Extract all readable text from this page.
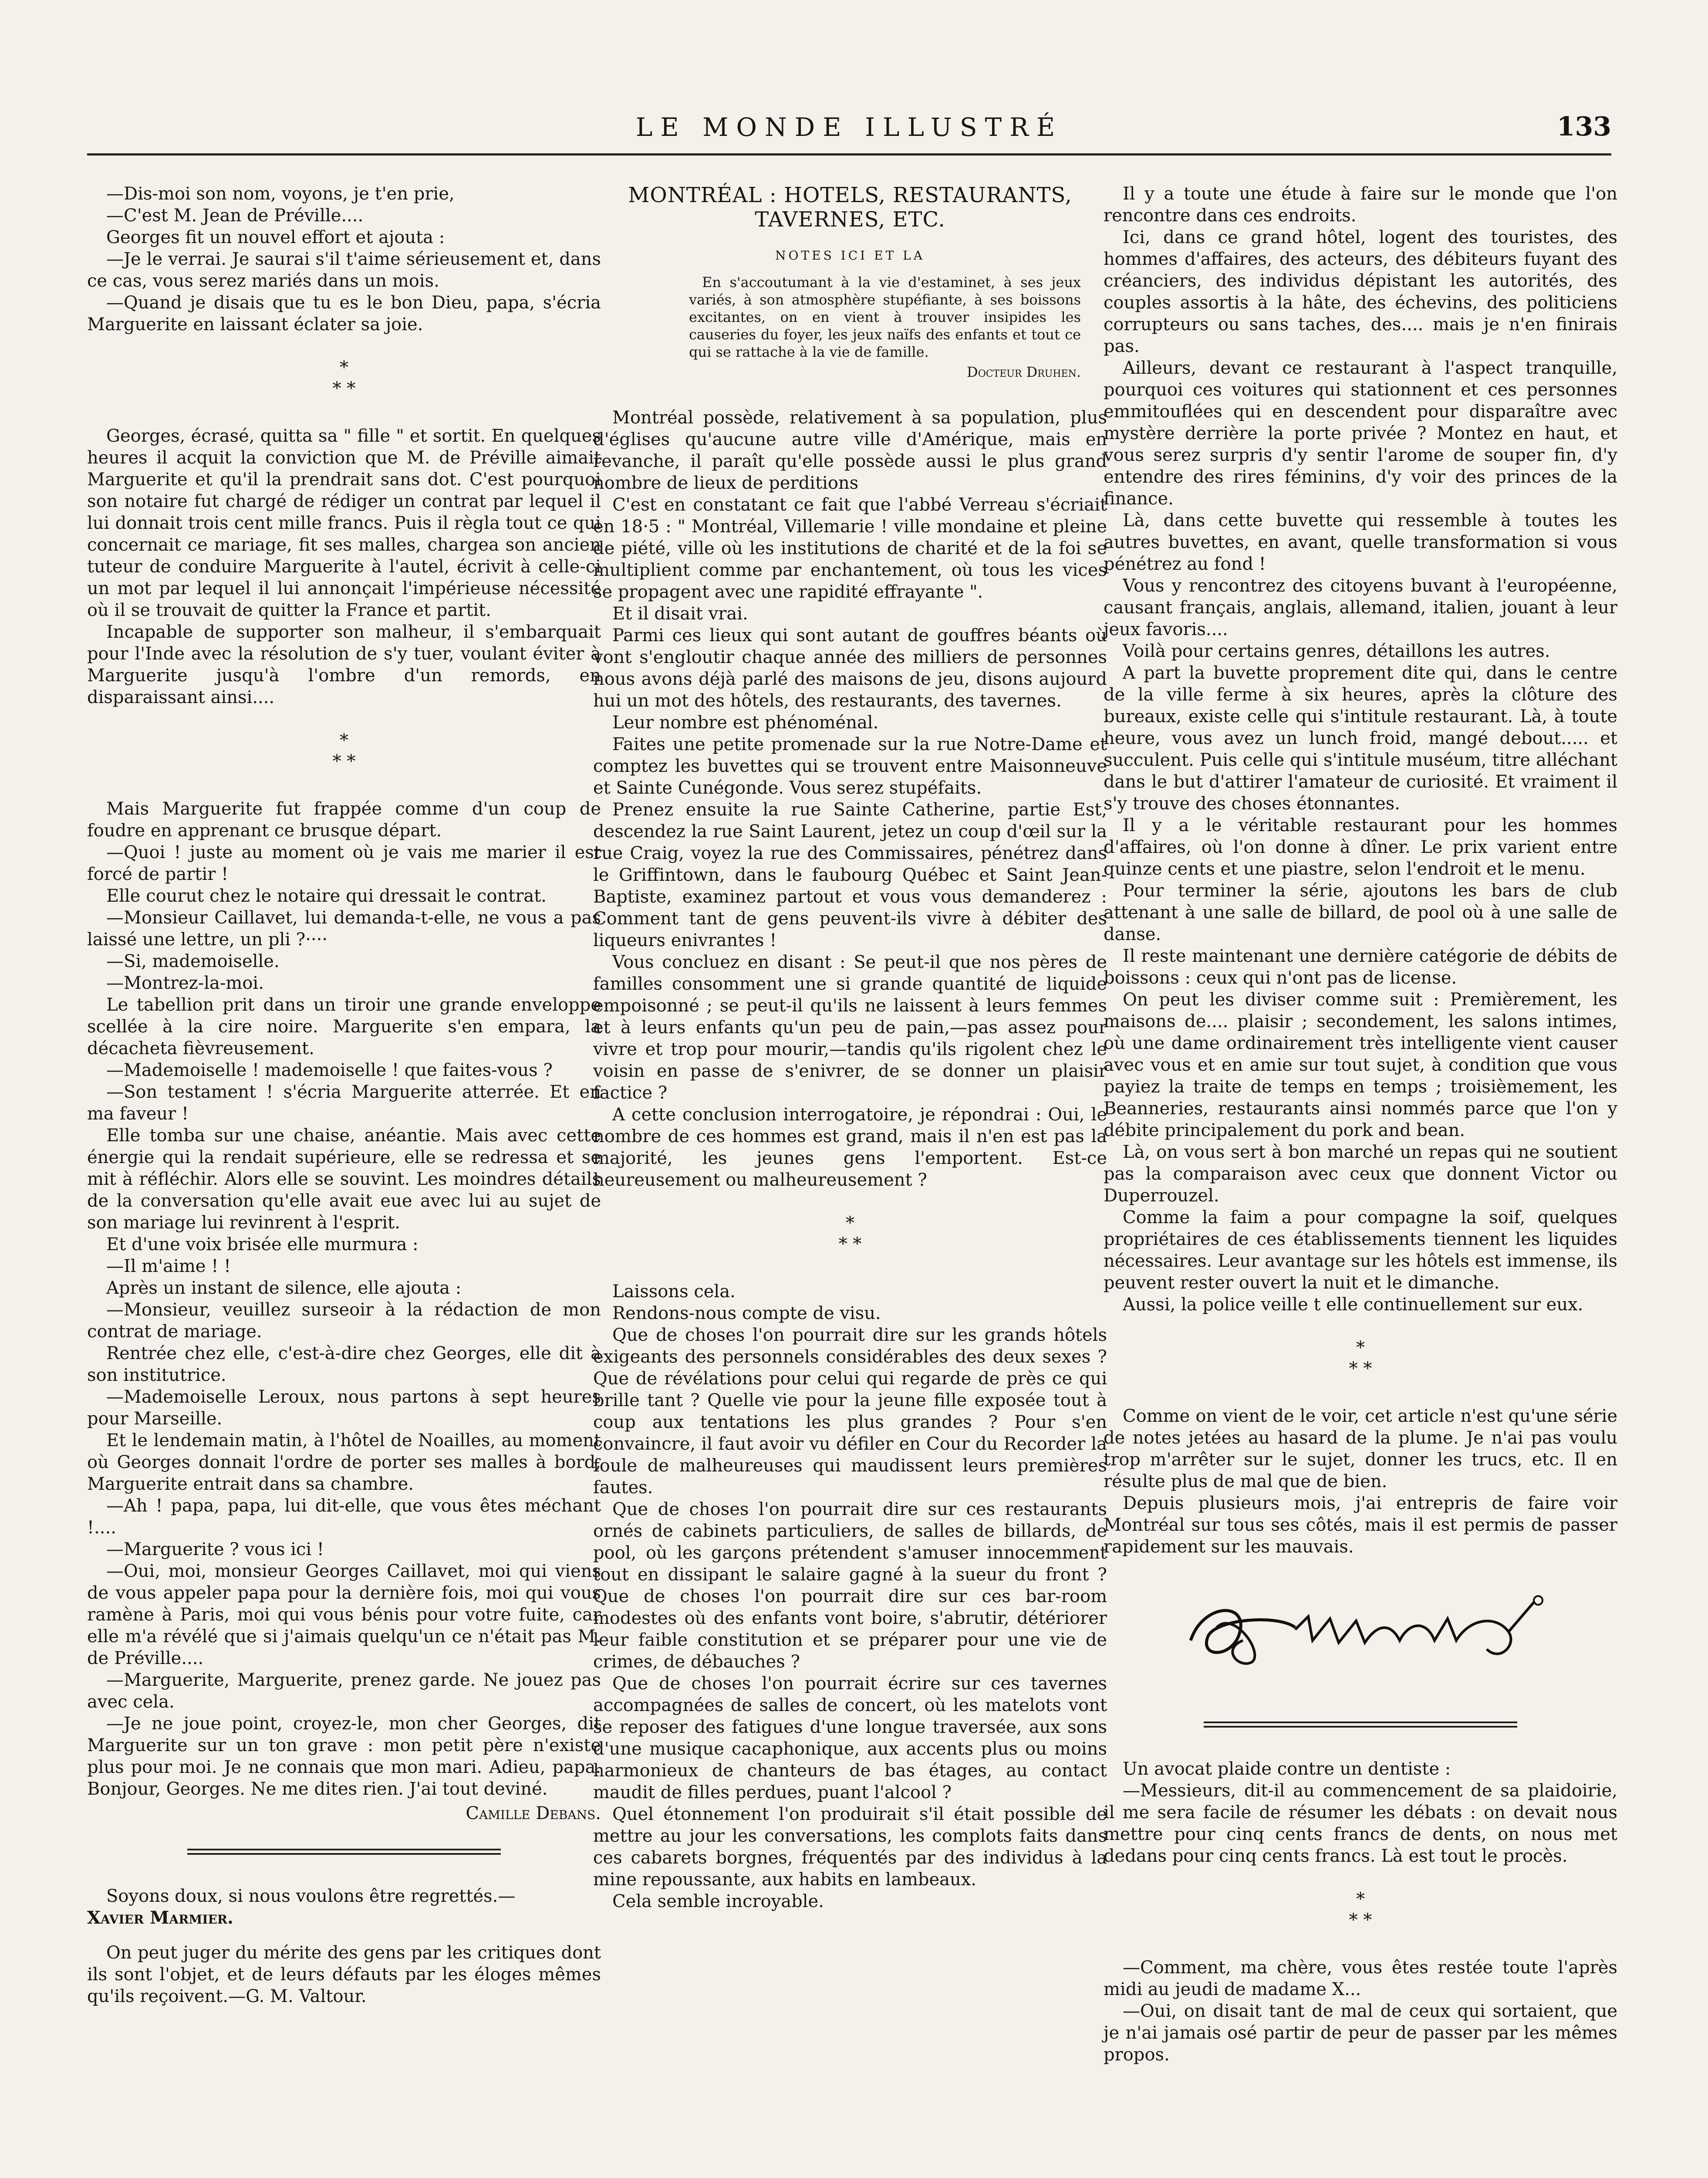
LE MONDE ILLUSTRÉ	133

—Dis-moi son nom, voyons, je t'en prie,

—C'est M. Jean de Préville....

Georges fit un nouvel effort et ajouta :

—Je le verrai. Je saurai s'il t'aime sérieusement et, dans ce cas, vous serez mariés dans un mois.

—Quand je disais que tu es le bon Dieu, papa, s'écria Marguerite en laissant éclater sa joie.

*
* *

Georges, écrasé, quitta sa " fille " et sortit. En quelques heures il acquit la conviction que M. de Préville aimait Marguerite et qu'il la prendrait sans dot. C'est pourquoi son notaire fut chargé de rédiger un contrat par lequel il lui donnait trois cent mille francs. Puis il règla tout ce qui concernait ce mariage, fit ses malles, chargea son ancien tuteur de conduire Marguerite à l'autel, écrivit à celle-ci un mot par lequel il lui annonçait l'impérieuse nécessité où il se trouvait de quitter la France et partit.

Incapable de supporter son malheur, il s'embarquait pour l'Inde avec la résolution de s'y tuer, voulant éviter à Marguerite jusqu'à l'ombre d'un remords, en disparaissant ainsi....

*
* *

Mais Marguerite fut frappée comme d'un coup de foudre en apprenant ce brusque départ.

—Quoi ! juste au moment où je vais me marier il est forcé de partir !

Elle courut chez le notaire qui dressait le contrat.

—Monsieur Caillavet, lui demanda-t-elle, ne vous a pas laissé une lettre, un pli ?····

—Si, mademoiselle.

—Montrez-la-moi.

Le tabellion prit dans un tiroir une grande enveloppe scellée à la cire noire. Marguerite s'en empara, la décacheta fièvreusement.

—Mademoiselle ! mademoiselle ! que faites-vous ?

—Son testament ! s'écria Marguerite atterrée. Et en ma faveur !

Elle tomba sur une chaise, anéantie. Mais avec cette énergie qui la rendait supérieure, elle se redressa et se mit à réfléchir. Alors elle se souvint. Les moindres détails de la conversation qu'elle avait eue avec lui au sujet de son mariage lui revinrent à l'esprit.

Et d'une voix brisée elle murmura :

—Il m'aime ! !

Après un instant de silence, elle ajouta :

—Monsieur, veuillez surseoir à la rédaction de mon contrat de mariage.

Rentrée chez elle, c'est-à-dire chez Georges, elle dit à son institutrice.

—Mademoiselle Leroux, nous partons à sept heures pour Marseille.

Et le lendemain matin, à l'hôtel de Noailles, au moment où Georges donnait l'ordre de porter ses malles à bord, Marguerite entrait dans sa chambre.

—Ah ! papa, papa, lui dit-elle, que vous êtes méchant !....

—Marguerite ? vous ici !

—Oui, moi, monsieur Georges Caillavet, moi qui viens de vous appeler papa pour la dernière fois, moi qui vous ramène à Paris, moi qui vous bénis pour votre fuite, car elle m'a révélé que si j'aimais quelqu'un ce n'était pas M. de Préville....

—Marguerite, Marguerite, prenez garde. Ne jouez pas avec cela.

—Je ne joue point, croyez-le, mon cher Georges, dit Marguerite sur un ton grave : mon petit père n'existe plus pour moi. Je ne connais que mon mari. Adieu, papa. Bonjour, Georges. Ne me dites rien. J'ai tout deviné.

Camille Debans.

Soyons doux, si nous voulons être regrettés.—
Xavier Marmier.

On peut juger du mérite des gens par les critiques dont ils sont l'objet, et de leurs défauts par les éloges mêmes qu'ils reçoivent.—G. M. Valtour.

MONTRÉAL : HOTELS, RESTAURANTS, TAVERNES, ETC.
NOTES ICI ET LA

En s'accoutumant à la vie d'estaminet, à ses jeux variés, à son atmosphère stupéfiante, à ses boissons excitantes, on en vient à trouver insipides les causeries du foyer, les jeux naïfs des enfants et tout ce qui se rattache à la vie de famille.

Docteur Druhen.

Montréal possède, relativement à sa population, plus d'églises qu'aucune autre ville d'Amérique, mais en revanche, il paraît qu'elle possède aussi le plus grand nombre de lieux de perditions

C'est en constatant ce fait que l'abbé Verreau s'écriait en 18·5 : " Montréal, Villemarie ! ville mondaine et pleine de piété, ville où les institutions de charité et de la foi se multiplient comme par enchantement, où tous les vices se propagent avec une rapidité effrayante ".

Et il disait vrai.

Parmi ces lieux qui sont autant de gouffres béants où vont s'engloutir chaque année des milliers de personnes nous avons déjà parlé des maisons de jeu, disons aujourd hui un mot des hôtels, des restaurants, des tavernes.

Leur nombre est phénoménal.

Faites une petite promenade sur la rue Notre-Dame et comptez les buvettes qui se trouvent entre Maisonneuve et Sainte Cunégonde. Vous serez stupéfaits.

Prenez ensuite la rue Sainte Catherine, partie Est, descendez la rue Saint Laurent, jetez un coup d'œil sur la rue Craig, voyez la rue des Commissaires, pénétrez dans le Griffintown, dans le faubourg Québec et Saint Jean-Baptiste, examinez partout et vous vous demanderez : Comment tant de gens peuvent-ils vivre à débiter des liqueurs enivrantes !

Vous concluez en disant : Se peut-il que nos pères de familles consomment une si grande quantité de liquide empoisonné ; se peut-il qu'ils ne laissent à leurs femmes et à leurs enfants qu'un peu de pain,—pas assez pour vivre et trop pour mourir,—tandis qu'ils rigolent chez le voisin en passe de s'enivrer, de se donner un plaisir factice ?

A cette conclusion interrogatoire, je répondrai : Oui, le nombre de ces hommes est grand, mais il n'en est pas la majorité, les jeunes gens l'emportent. Est-ce heureusement ou malheureusement ?

*
* *

Laissons cela.

Rendons-nous compte de visu.

Que de choses l'on pourrait dire sur les grands hôtels exigeants des personnels considérables des deux sexes ? Que de révélations pour celui qui regarde de près ce qui brille tant ? Quelle vie pour la jeune fille exposée tout à coup aux tentations les plus grandes ? Pour s'en convaincre, il faut avoir vu défiler en Cour du Recorder la foule de malheureuses qui maudissent leurs premières fautes.

Que de choses l'on pourrait dire sur ces restaurants ornés de cabinets particuliers, de salles de billards, de pool, où les garçons prétendent s'amuser innocemment tout en dissipant le salaire gagné à la sueur du front ? Que de choses l'on pourrait dire sur ces bar-room modestes où des enfants vont boire, s'abrutir, détériorer leur faible constitution et se préparer pour une vie de crimes, de débauches ?

Que de choses l'on pourrait écrire sur ces tavernes accompagnées de salles de concert, où les matelots vont se reposer des fatigues d'une longue traversée, aux sons d'une musique cacaphonique, aux accents plus ou moins harmonieux de chanteurs de bas étages, au contact maudit de filles perdues, puant l'alcool ?

Quel étonnement l'on produirait s'il était possible de mettre au jour les conversations, les complots faits dans ces cabarets borgnes, fréquentés par des individus à la mine repoussante, aux habits en lambeaux.

Cela semble incroyable.

Il y a toute une étude à faire sur le monde que l'on rencontre dans ces endroits.

Ici, dans ce grand hôtel, logent des touristes, des hommes d'affaires, des acteurs, des débiteurs fuyant des créanciers, des individus dépistant les autorités, des couples assortis à la hâte, des échevins, des politiciens corrupteurs ou sans taches, des.... mais je n'en finirais pas.

Ailleurs, devant ce restaurant à l'aspect tranquille, pourquoi ces voitures qui stationnent et ces personnes emmitouflées qui en descendent pour disparaître avec mystère derrière la porte privée ? Montez en haut, et vous serez surpris d'y sentir l'arome de souper fin, d'y entendre des rires féminins, d'y voir des princes de la finance.

Là, dans cette buvette qui ressemble à toutes les autres buvettes, en avant, quelle transformation si vous pénétrez au fond !

Vous y rencontrez des citoyens buvant à l'européenne, causant français, anglais, allemand, italien, jouant à leur jeux favoris....

Voilà pour certains genres, détaillons les autres.

A part la buvette proprement dite qui, dans le centre de la ville ferme à six heures, après la clôture des bureaux, existe celle qui s'intitule restaurant. Là, à toute heure, vous avez un lunch froid, mangé debout..... et succulent. Puis celle qui s'intitule muséum, titre alléchant dans le but d'attirer l'amateur de curiosité. Et vraiment il s'y trouve des choses étonnantes.

Il y a le véritable restaurant pour les hommes d'affaires, où l'on donne à dîner. Le prix varient entre quinze cents et une piastre, selon l'endroit et le menu.

Pour terminer la série, ajoutons les bars de club attenant à une salle de billard, de pool où à une salle de danse.

Il reste maintenant une dernière catégorie de débits de boissons : ceux qui n'ont pas de license.

On peut les diviser comme suit : Premièrement, les maisons de.... plaisir ; secondement, les salons intimes, où une dame ordinairement très intelligente vient causer avec vous et en amie sur tout sujet, à condition que vous payiez la traite de temps en temps ; troisièmement, les Beanneries, restaurants ainsi nommés parce que l'on y débite principalement du pork and bean.

Là, on vous sert à bon marché un repas qui ne soutient pas la comparaison avec ceux que donnent Victor ou Duperrouzel.

Comme la faim a pour compagne la soif, quelques propriétaires de ces établissements tiennent les liquides nécessaires. Leur avantage sur les hôtels est immense, ils peuvent rester ouvert la nuit et le dimanche.

Aussi, la police veille t elle continuellement sur eux.

*
* *

Comme on vient de le voir, cet article n'est qu'une série de notes jetées au hasard de la plume. Je n'ai pas voulu trop m'arrêter sur le sujet, donner les trucs, etc. Il en résulte plus de mal que de bien.

Depuis plusieurs mois, j'ai entrepris de faire voir Montréal sur tous ses côtés, mais il est permis de passer rapidement sur les mauvais.

Un avocat plaide contre un dentiste :

—Messieurs, dit-il au commencement de sa plaidoirie, il me sera facile de résumer les débats : on devait nous mettre pour cinq cents francs de dents, on nous met dedans pour cinq cents francs. Là est tout le procès.

*
* *

—Comment, ma chère, vous êtes restée toute l'après midi au jeudi de madame X...

—Oui, on disait tant de mal de ceux qui sortaient, que je n'ai jamais osé partir de peur de passer par les mêmes propos.
